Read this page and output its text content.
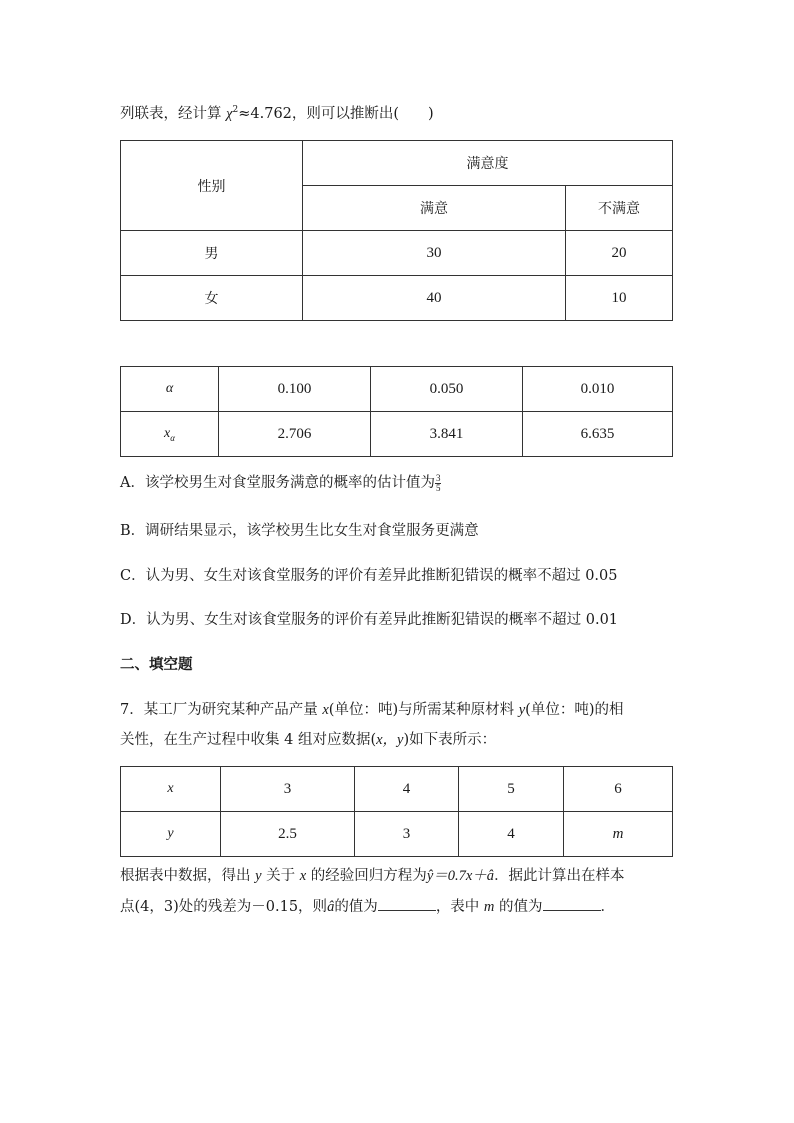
列联表，经计算 $\chi^2\approx 4.762$，则可以推断出(　　)
性别	满意度	
	满意	不满意
男	30	20
女	40	10
α	0.100	0.050	0.010
$x_\alpha$	2.706	3.841	6.635
A．该学校男生对食堂服务满意的概率的估计值为 $\frac{3}{5}$
B．调研结果显示，该学校男生比女生对食堂服务更满意
C．认为男、女生对该食堂服务的评价有差异此推断犯错误的概率不超过 0.05
D．认为男、女生对该食堂服务的评价有差异此推断犯错误的概率不超过 0.01
二、填空题
7．某工厂为研究某种产品产量 x(单位：吨)与所需某种原材料 y(单位：吨)的相
关性，在生产过程中收集 4 组对应数据(x，y)如下表所示：
x	3	4	5	6
y	2.5	3	4	m
根据表中数据，得出 y 关于 x 的经验回归方程为ŷ＝0.7x＋â．据此计算出在样本
点(4，3)处的残差为－0.15，则â的值为	，表中 m 的值为	．
